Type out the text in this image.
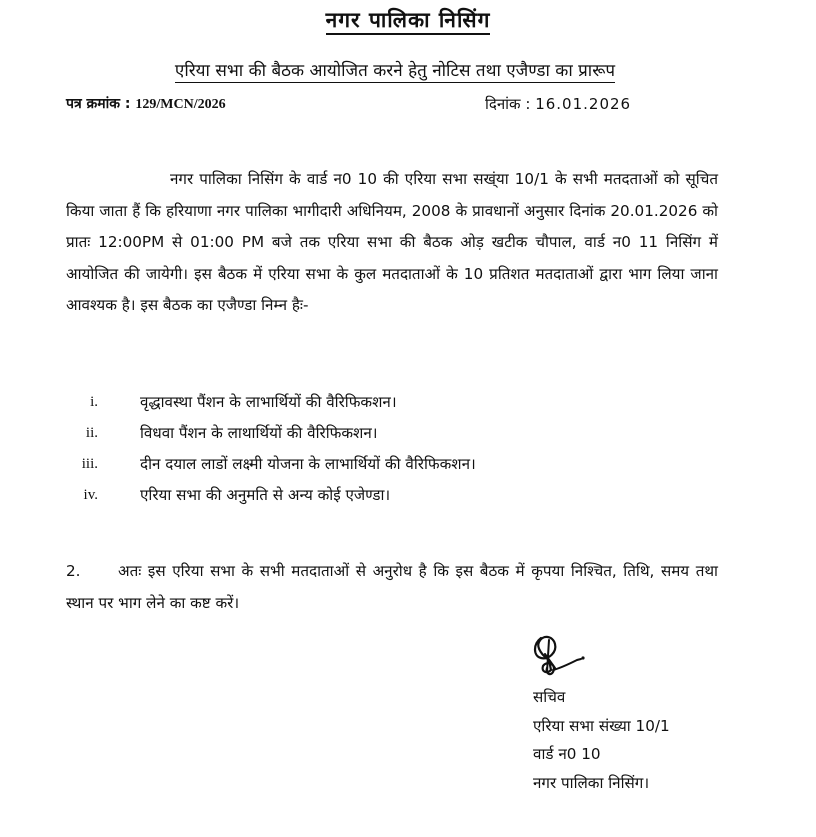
नगर पालिका निसिंग
एरिया सभा की बैठक आयोजित करने हेतु नोटिस तथा एजैण्डा का प्रारूप
पत्र क्रमांक : 129/MCN/2026	दिनांक : 16.01.2026
नगर पालिका निसिंग के वार्ड न0 10 की एरिया सभा सख्ंया 10/1 के सभी मतदताओं को सूचित किया जाता हैं कि हरियाणा नगर पालिका भागीदारी अधिनियम, 2008 के प्रावधानों अनुसार दिनांक 20.01.2026 को प्रातः 12:00PM से 01:00 PM बजे तक एरिया सभा की बैठक ओड़ खटीक चौपाल, वार्ड न0 11 निसिंग में आयोजित की जायेगी। इस बैठक में एरिया सभा के कुल मतदाताओं के 10 प्रतिशत मतदाताओं द्वारा भाग लिया जाना आवश्यक है। इस बैठक का एजैण्डा निम्न हैः-
i.	वृद्धावस्था पैंशन के लाभार्थियों की वैरिफिकशन।
ii.	विधवा पैंशन के लाथार्थियों की वैरिफिकशन।
iii.	दीन दयाल लाडों लक्ष्मी योजना के लाभार्थियों की वैरिफिकशन।
iv.	एरिया सभा की अनुमति से अन्य कोई एजेण्डा।
2. अतः इस एरिया सभा के सभी मतदाताओं से अनुरोध है कि इस बैठक में कृपया निश्चित, तिथि, समय तथा स्थान पर भाग लेने का कष्ट करें।
सचिव
एरिया सभा संख्या 10/1
वार्ड न0 10
नगर पालिका निसिंग।
